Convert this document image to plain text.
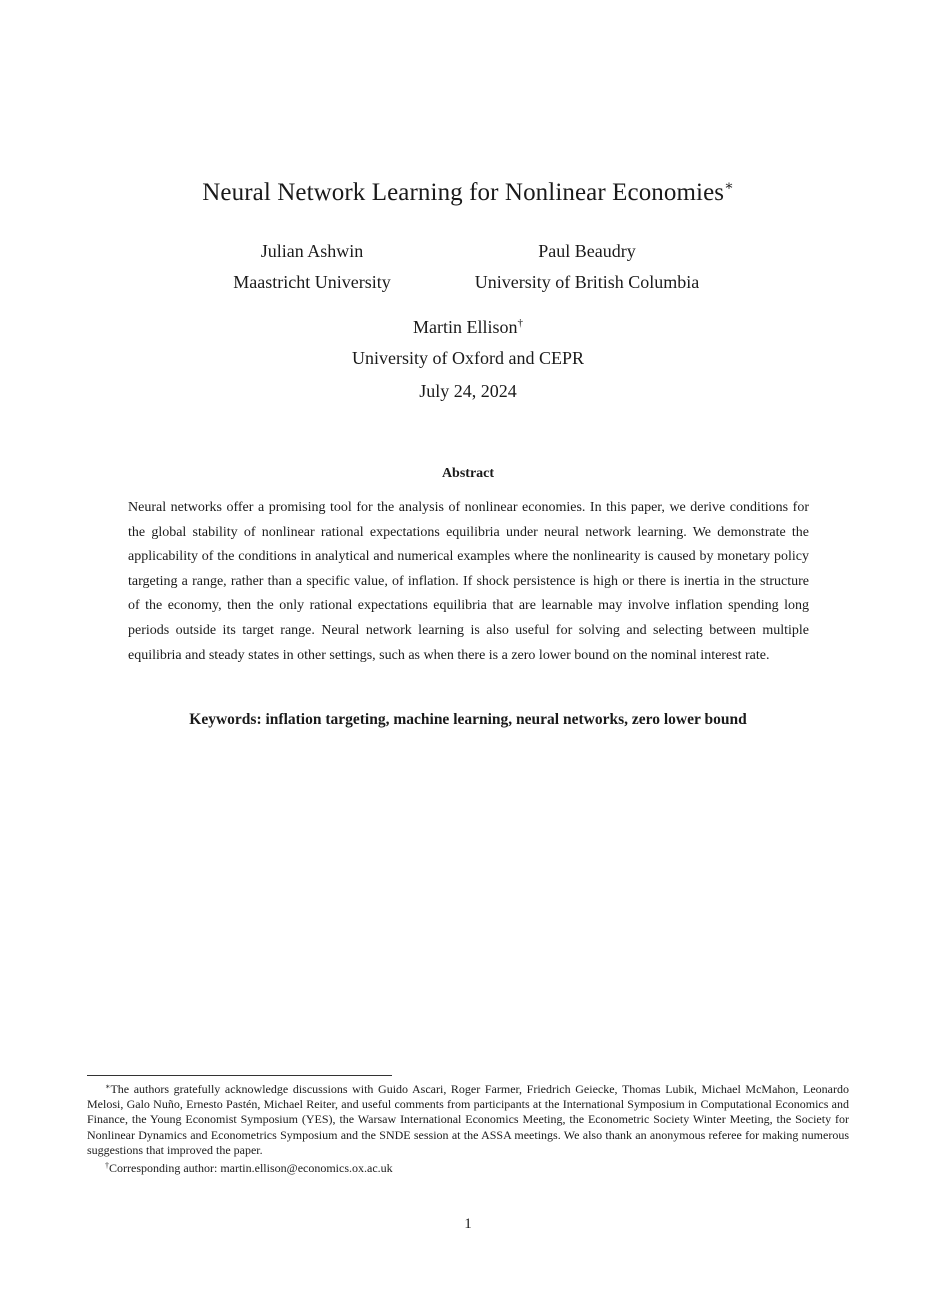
Neural Network Learning for Nonlinear Economies∗
Julian Ashwin
Maastricht University
Paul Beaudry
University of British Columbia
Martin Ellison†
University of Oxford and CEPR
July 24, 2024
Abstract

Neural networks offer a promising tool for the analysis of nonlinear economies. In this paper, we derive conditions for the global stability of nonlinear rational expectations equilibria under neural network learning. We demonstrate the applicability of the conditions in analytical and numerical examples where the nonlinearity is caused by monetary policy targeting a range, rather than a specific value, of inflation. If shock persistence is high or there is inertia in the structure of the economy, then the only rational expectations equilibria that are learnable may involve inflation spending long periods outside its target range. Neural network learning is also useful for solving and selecting between multiple equilibria and steady states in other settings, such as when there is a zero lower bound on the nominal interest rate.

Keywords: inflation targeting, machine learning, neural networks, zero lower bound

∗The authors gratefully acknowledge discussions with Guido Ascari, Roger Farmer, Friedrich Geiecke, Thomas Lubik, Michael McMahon, Leonardo Melosi, Galo Nuño, Ernesto Pastén, Michael Reiter, and useful comments from participants at the International Symposium in Computational Economics and Finance, the Young Economist Symposium (YES), the Warsaw International Economics Meeting, the Econometric Society Winter Meeting, the Society for Nonlinear Dynamics and Econometrics Symposium and the SNDE session at the ASSA meetings. We also thank an anonymous referee for making numerous suggestions that improved the paper.

†Corresponding author: martin.ellison@economics.ox.ac.uk

1
